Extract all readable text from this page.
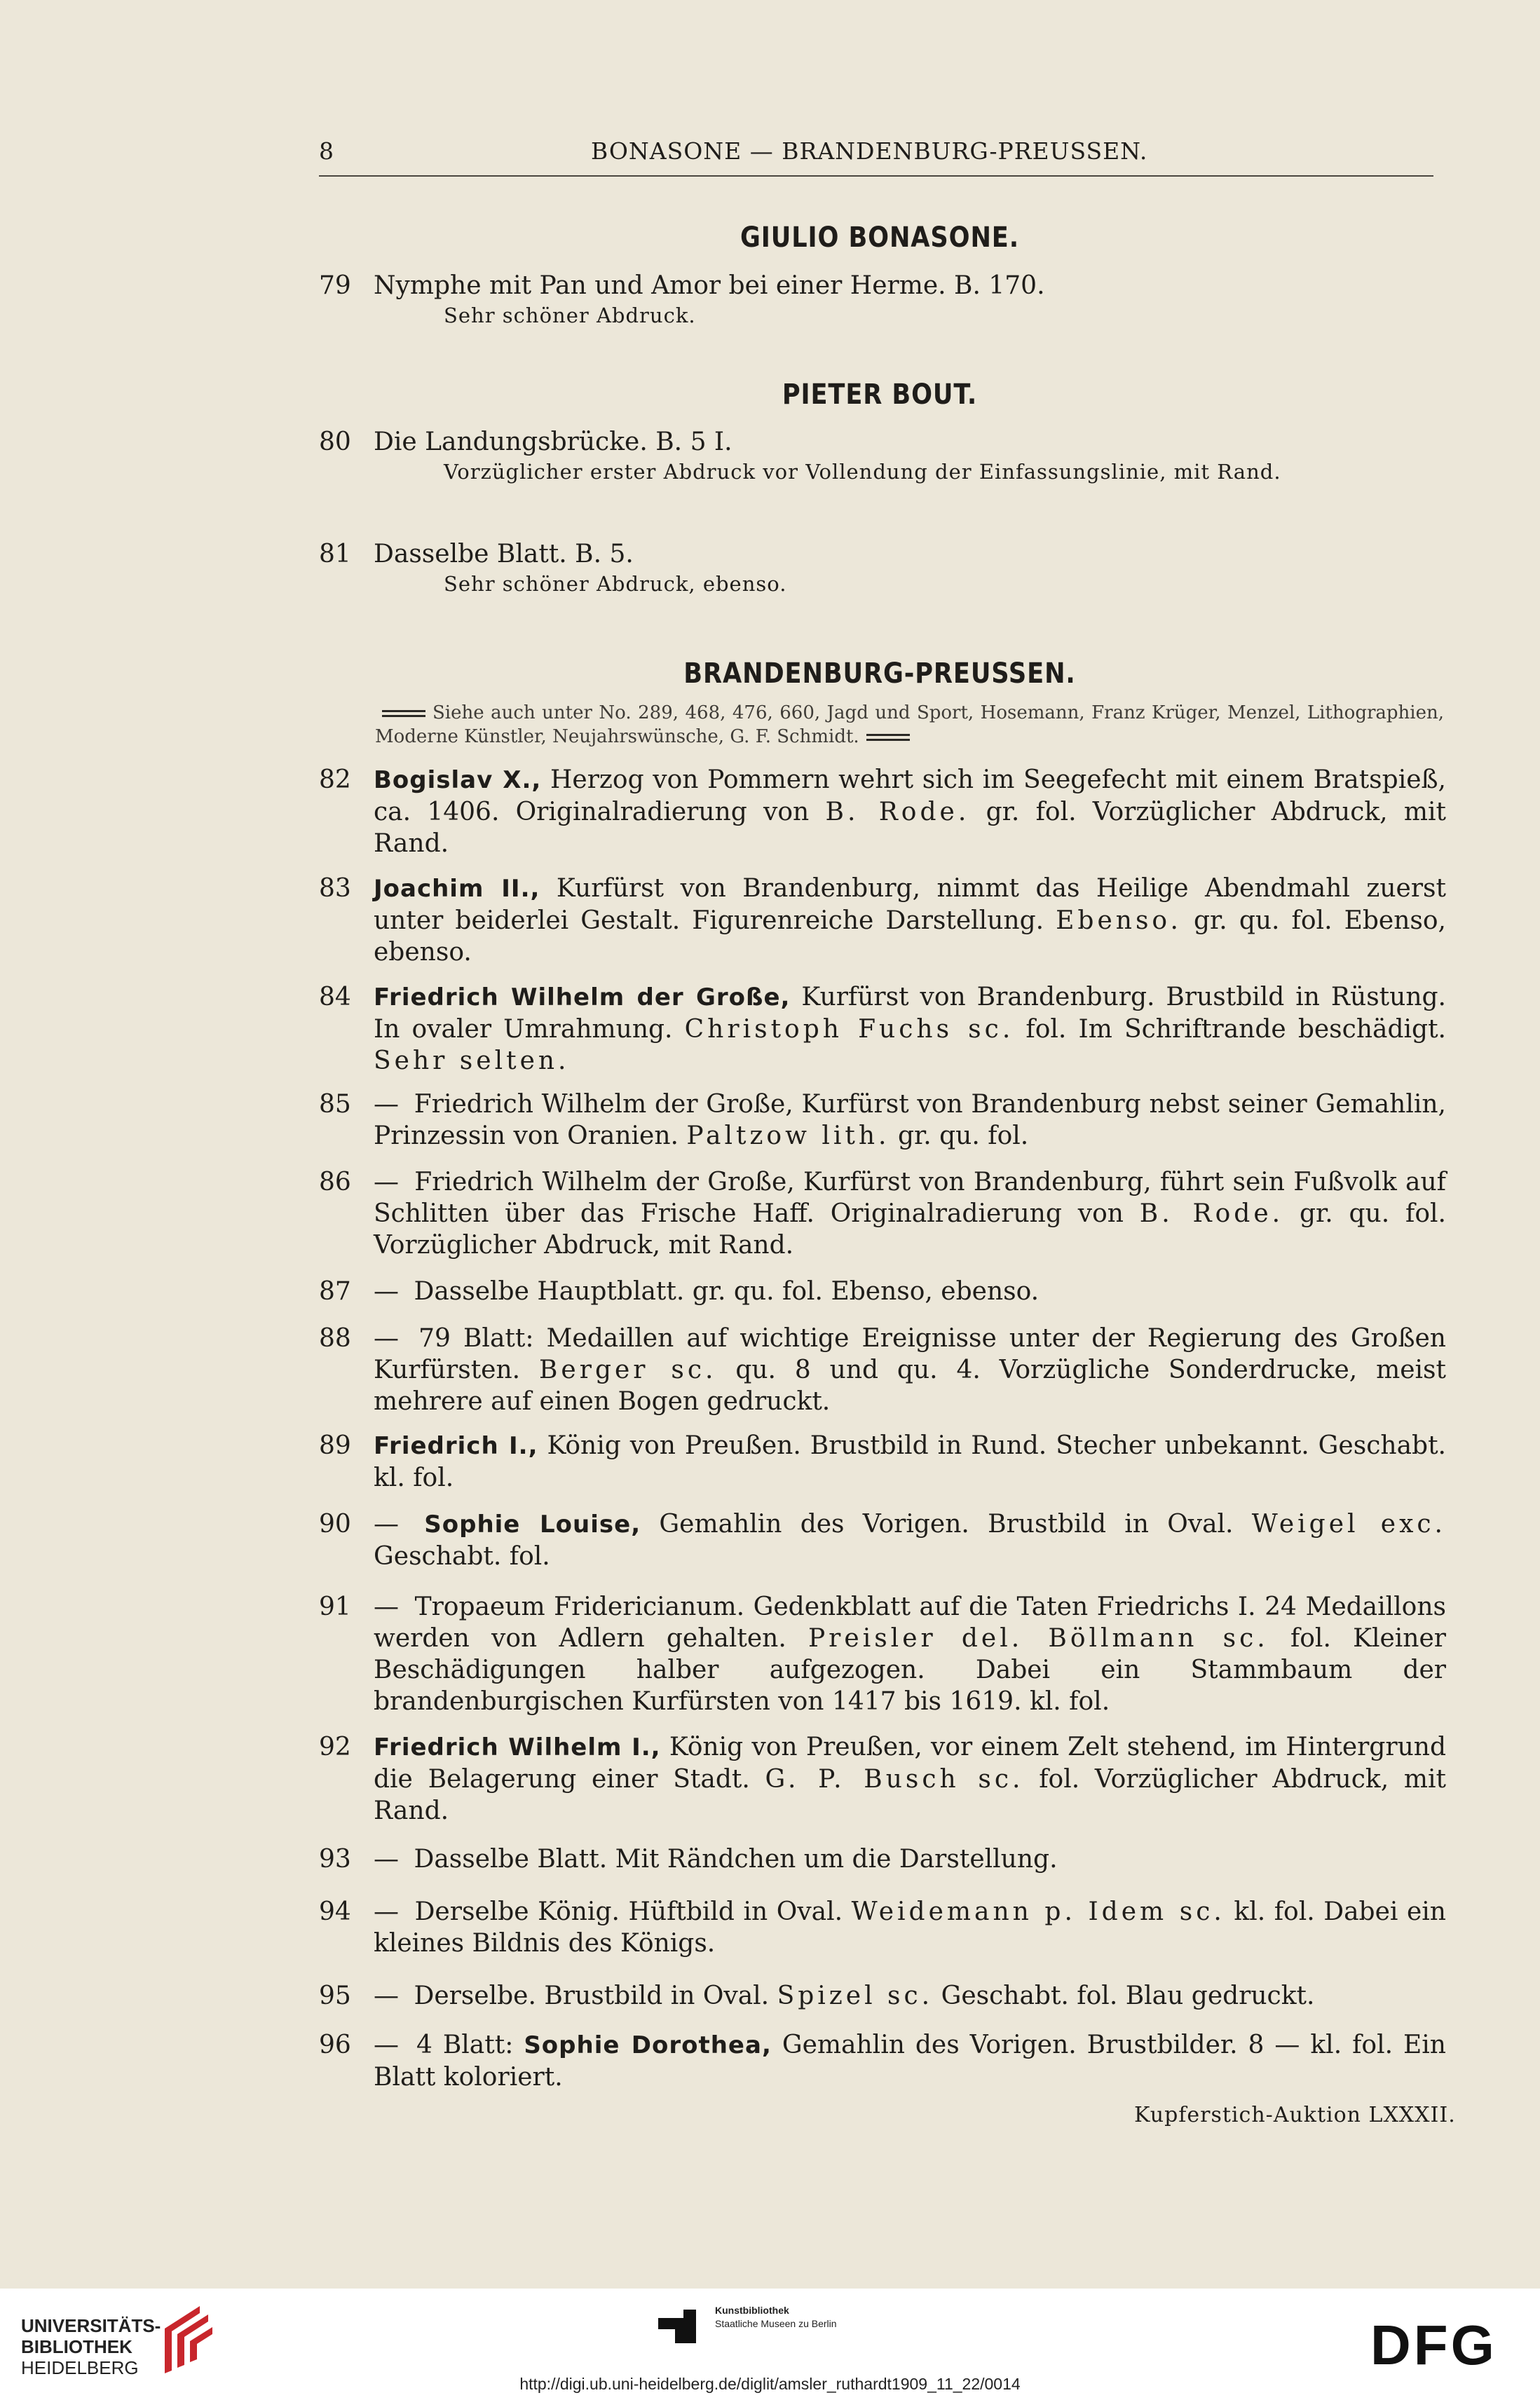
8	BONASONE — BRANDENBURG-PREUSSEN.
GIULIO BONASONE.
79 Nymphe mit Pan und Amor bei einer Herme. B. 170.
Sehr schöner Abdruck.
PIETER BOUT.
80 Die Landungsbrücke. B. 5 I.
Vorzüglicher erster Abdruck vor Vollendung der Einfassungslinie, mit Rand.
81 Dasselbe Blatt. B. 5.
Sehr schöner Abdruck, ebenso.
BRANDENBURG-PREUSSEN.
Siehe auch unter No. 289, 468, 476, 660, Jagd und Sport, Hosemann, Franz Krüger, Menzel, Lithographien, Moderne Künstler, Neujahrswünsche, G. F. Schmidt.
82 Bogislav X., Herzog von Pommern wehrt sich im Seegefecht mit einem Bratspieß, ca. 1406. Originalradierung von B. Rode. gr. fol. Vorzüglicher Abdruck, mit Rand.
83 Joachim II., Kurfürst von Brandenburg, nimmt das Heilige Abendmahl zuerst unter beiderlei Gestalt. Figurenreiche Darstellung. Ebenso. gr. qu. fol. Ebenso, ebenso.
84 Friedrich Wilhelm der Große, Kurfürst von Brandenburg. Brustbild in Rüstung. In ovaler Umrahmung. Christoph Fuchs sc. fol. Im Schriftrande beschädigt. Sehr selten.
85 — Friedrich Wilhelm der Große, Kurfürst von Brandenburg nebst seiner Gemahlin, Prinzessin von Oranien. Paltzow lith. gr. qu. fol.
86 — Friedrich Wilhelm der Große, Kurfürst von Brandenburg, führt sein Fußvolk auf Schlitten über das Frische Haff. Originalradierung von B. Rode. gr. qu. fol. Vorzüglicher Abdruck, mit Rand.
87 — Dasselbe Hauptblatt. gr. qu. fol. Ebenso, ebenso.
88 — 79 Blatt: Medaillen auf wichtige Ereignisse unter der Regierung des Großen Kurfürsten. Berger sc. qu. 8 und qu. 4. Vorzügliche Sonderdrucke, meist mehrere auf einen Bogen gedruckt.
89 Friedrich I., König von Preußen. Brustbild in Rund. Stecher unbekannt. Geschabt. kl. fol.
90 — Sophie Louise, Gemahlin des Vorigen. Brustbild in Oval. Weigel exc. Geschabt. fol.
91 — Tropaeum Fridericianum. Gedenkblatt auf die Taten Friedrichs I. 24 Medaillons werden von Adlern gehalten. Preisler del. Böllmann sc. fol. Kleiner Beschädigungen halber aufgezogen. Dabei ein Stammbaum der brandenburgischen Kurfürsten von 1417 bis 1619. kl. fol.
92 Friedrich Wilhelm I., König von Preußen, vor einem Zelt stehend, im Hintergrund die Belagerung einer Stadt. G. P. Busch sc. fol. Vorzüglicher Abdruck, mit Rand.
93 — Dasselbe Blatt. Mit Rändchen um die Darstellung.
94 — Derselbe König. Hüftbild in Oval. Weidemann p. Idem sc. kl. fol. Dabei ein kleines Bildnis des Königs.
95 — Derselbe. Brustbild in Oval. Spizel sc. Geschabt. fol. Blau gedruckt.
96 — 4 Blatt: Sophie Dorothea, Gemahlin des Vorigen. Brustbilder. 8 — kl. fol. Ein Blatt koloriert.
Kupferstich-Auktion LXXXII.
UNIVERSITÄTS-
BIBLIOTHEK
HEIDELBERG
Kunstbibliothek
Staatliche Museen zu Berlin	DFG
http://digi.ub.uni-heidelberg.de/diglit/amsler_ruthardt1909_11_22/0014
